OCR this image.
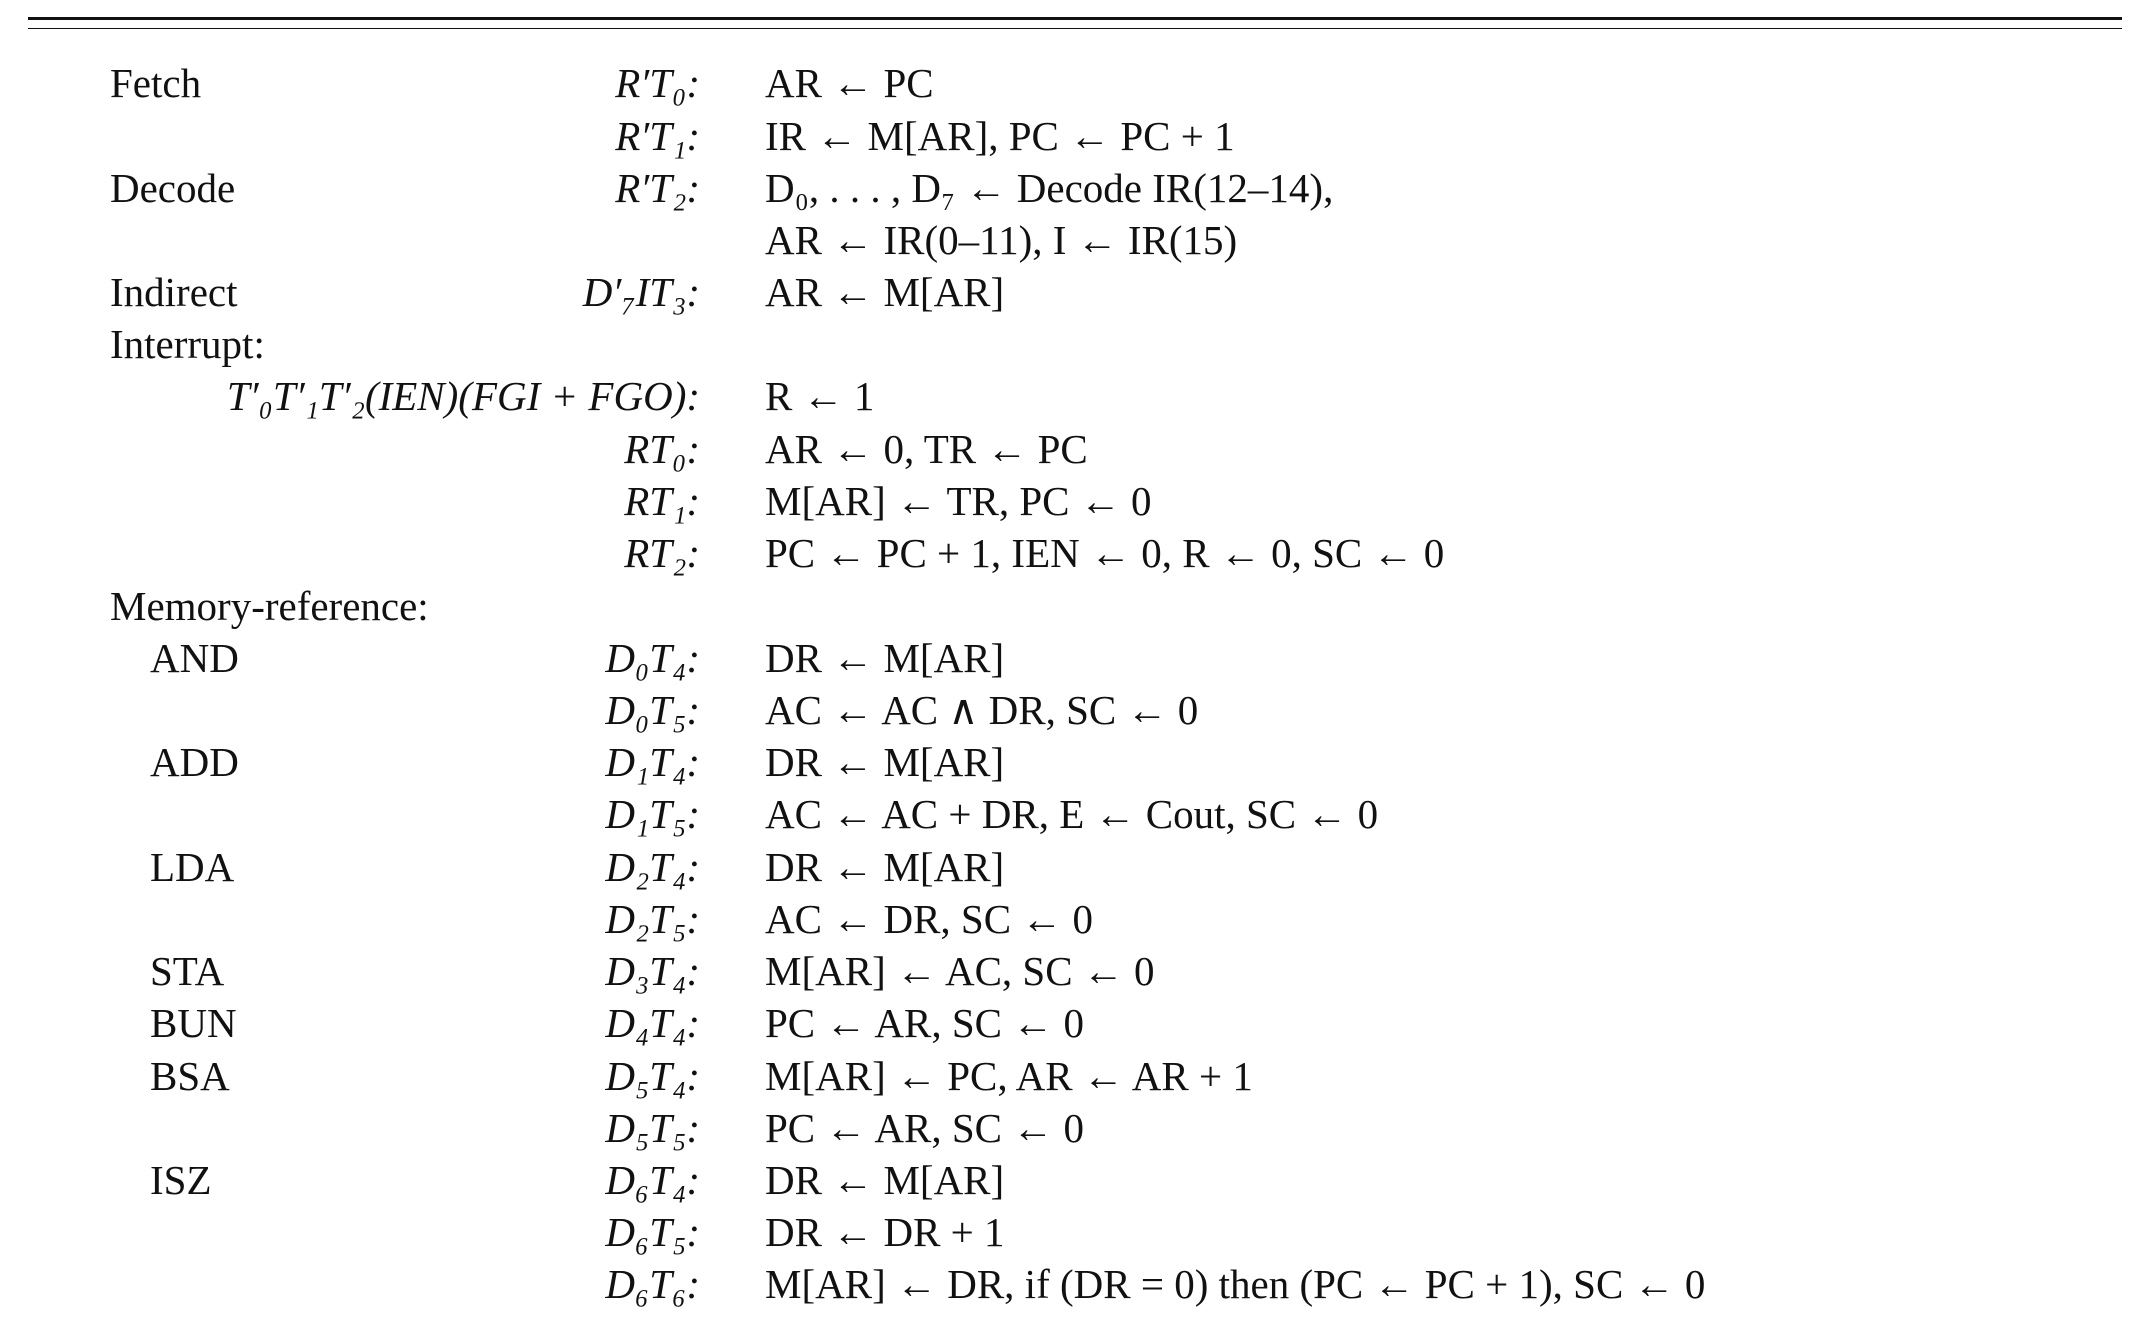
Fetch	R′T₀: AR ← PC
R′T₁: IR ← M[AR], PC ← PC + 1
Decode	R′T₂: D₀, . . . , D₇ ← Decode IR(12–14),
AR ← IR(0–11), I ← IR(15)
Indirect	D′₇IT₃: AR ← M[AR]
Interrupt:
T′₀T′₁T′₂(IEN)(FGI + FGO): R ← 1
RT₀: AR ← 0, TR ← PC
RT₁: M[AR] ← TR, PC ← 0
RT₂: PC ← PC + 1, IEN ← 0, R ← 0, SC ← 0
Memory-reference:
AND	D₀T₄: DR ← M[AR]
D₀T₅: AC ← AC ∧ DR, SC ← 0
ADD	D₁T₄: DR ← M[AR]
D₁T₅: AC ← AC + DR, E ← Cout, SC ← 0
LDA	D₂T₄: DR ← M[AR]
D₂T₅: AC ← DR, SC ← 0
STA	D₃T₄: M[AR] ← AC, SC ← 0
BUN	D₄T₄: PC ← AR, SC ← 0
BSA	D₅T₄: M[AR] ← PC, AR ← AR + 1
D₅T₅: PC ← AR, SC ← 0
ISZ	D₆T₄: DR ← M[AR]
D₆T₅: DR ← DR + 1
D₆T₆: M[AR] ← DR, if (DR = 0) then (PC ← PC + 1), SC ← 0
